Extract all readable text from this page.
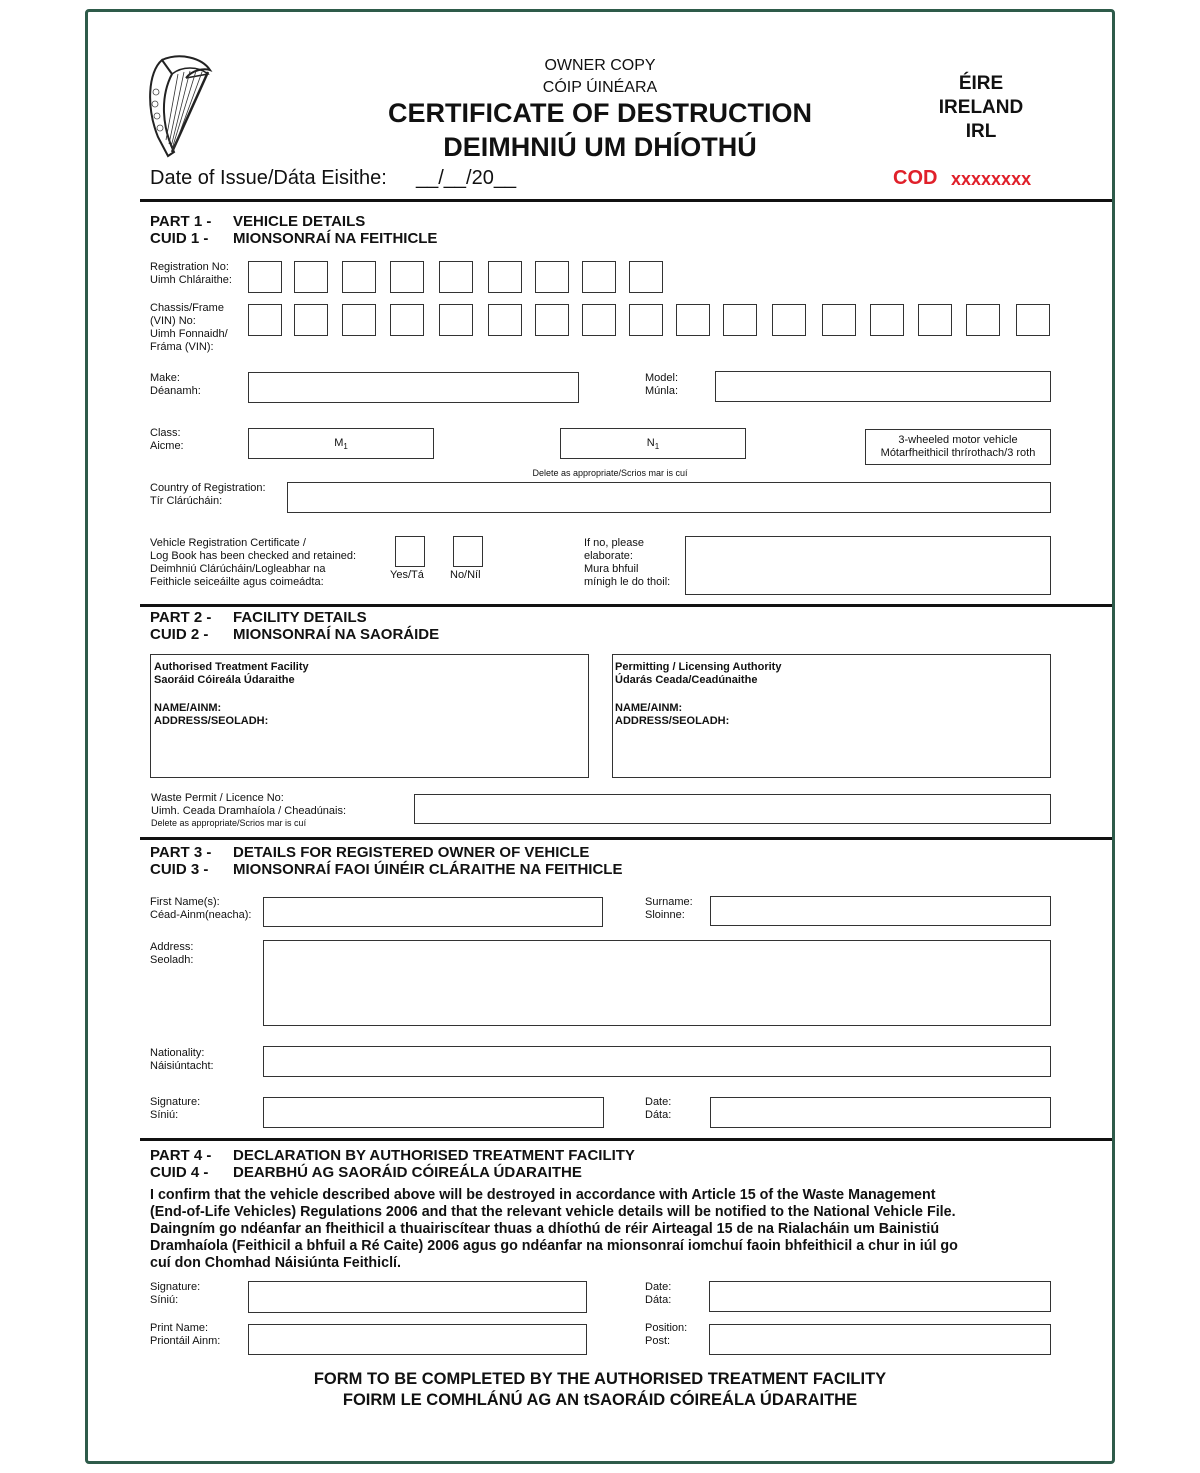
OWNER COPY
CÓIP ÚINÉARA
CERTIFICATE OF DESTRUCTION
DEIMHNIÚ UM DHÍOTHÚ
ÉIRE
IRELAND
IRL
Date of Issue/Dáta Eisithe: __/__/20__	COD xxxxxxxx
PART 1 - VEHICLE DETAILS
CUID 1 - MIONSONRAÍ NA FEITHICLE
Registration No:
Uimh Chláraithe:
Chassis/Frame
(VIN) No:
Uimh Fonnaidh/
Fráma (VIN):
Make:
Déanamh:
Model:
Múnla:
Class:
Aicme:	$M_1$	$N_1$
3-wheeled motor vehicle
Mótarfheithicil thrírothach/3 roth
Delete as appropriate/Scrios mar is cuí
Country of Registration:
Tír Clárúcháin:
Vehicle Registration Certificate /
Log Book has been checked and retained:
Deimhniú Clárúcháin/Logleabhar na
Feithicle seiceáilte agus coimeádta:
Yes/Tá No/Níl
If no, please
elaborate:
Mura bhfuil
mínigh le do thoil:
PART 2 - FACILITY DETAILS
CUID 2 - MIONSONRAÍ NA SAORÁIDE
Authorised Treatment Facility
Saoráid Cóireála Údaraithe
NAME/AINM:
ADDRESS/SEOLADH:
Permitting / Licensing Authority
Údarás Ceada/Ceadúnaithe
NAME/AINM:
ADDRESS/SEOLADH:
Waste Permit / Licence No:
Uimh. Ceada Dramhaíola / Cheadúnais:
Delete as appropriate/Scrios mar is cuí
PART 3 - DETAILS FOR REGISTERED OWNER OF VEHICLE
CUID 3 - MIONSONRAÍ FAOI ÚINÉIR CLÁRAITHE NA FEITHICLE
First Name(s):
Céad-Ainm(neacha):
Surname:
Sloinne:
Address:
Seoladh:
Nationality:
Náisiúntacht:
Signature:
Síniú:
Date:
Dáta:
PART 4 - DECLARATION BY AUTHORISED TREATMENT FACILITY
CUID 4 - DEARBHÚ AG SAORÁID CÓIREÁLA ÚDARAITHE
I confirm that the vehicle described above will be destroyed in accordance with Article 15 of the Waste Management
(End-of-Life Vehicles) Regulations 2006 and that the relevant vehicle details will be notified to the National Vehicle File.
Daingním go ndéanfar an fheithicil a thuairiscítear thuas a dhíothú de réir Airteagal 15 de na Rialacháin um Bainistiú
Dramhaíola (Feithicil a bhfuil a Ré Caite) 2006 agus go ndéanfar na mionsonraí iomchuí faoin bhfeithicil a chur in iúl go
cuí don Chomhad Náisiúnta Feithiclí.
Signature:
Síniú:
Date:
Dáta:
Print Name:
Priontáil Ainm:
Position:
Post:
FORM TO BE COMPLETED BY THE AUTHORISED TREATMENT FACILITY
FOIRM LE COMHLÁNÚ AG AN tSAORÁID CÓIREÁLA ÚDARAITHE
